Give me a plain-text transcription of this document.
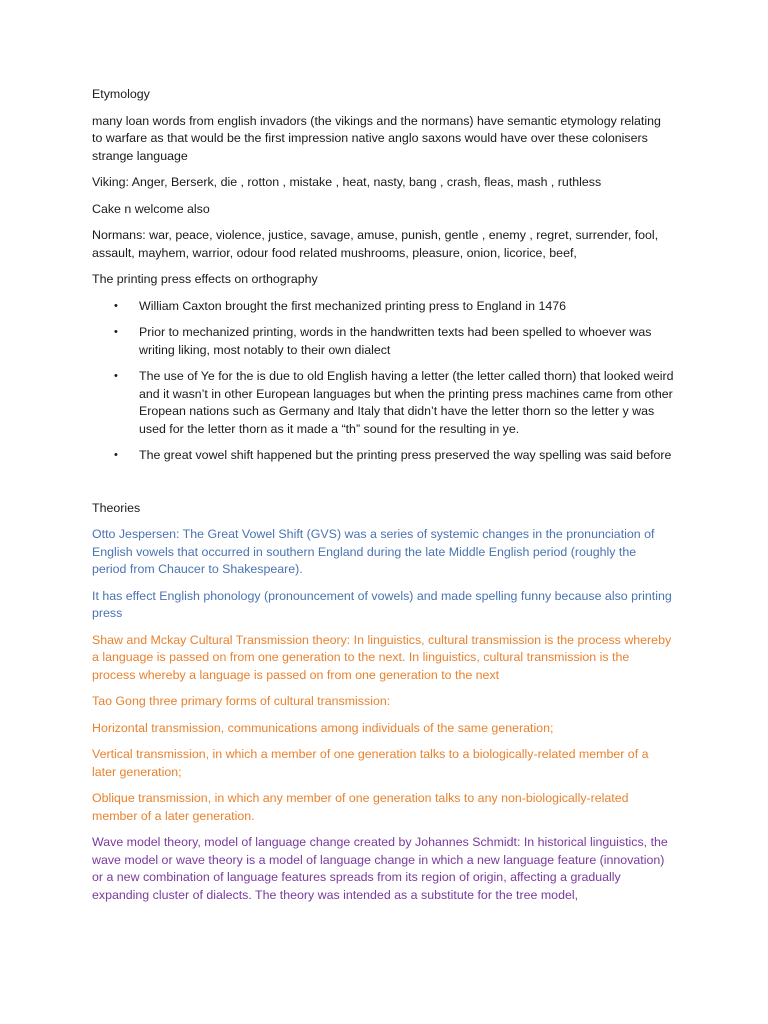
Etymology

many loan words from english invadors (the vikings and the normans) have semantic etymology relating to warfare as that would be the first impression native anglo saxons would have over these colonisers strange language

Viking: Anger, Berserk, die , rotton , mistake , heat, nasty, bang , crash, fleas, mash , ruthless

Cake n welcome also

Normans: war, peace, violence, justice, savage, amuse, punish, gentle , enemy , regret, surrender, fool, assault, mayhem, warrior, odour food related mushrooms, pleasure, onion, licorice, beef,

The printing press effects on orthography

• William Caxton brought the first mechanized printing press to England in 1476
• Prior to mechanized printing, words in the handwritten texts had been spelled to whoever was writing liking, most notably to their own dialect
• The use of Ye for the is due to old English having a letter (the letter called thorn) that looked weird and it wasn’t in other European languages but when the printing press machines came from other Eropean nations such as Germany and Italy that didn’t have the letter thorn so the letter y was used for the letter thorn as it made a “th” sound for the resulting in ye.
• The great vowel shift happened but the printing press preserved the way spelling was said before

Theories

Otto Jespersen: The Great Vowel Shift (GVS) was a series of systemic changes in the pronunciation of English vowels that occurred in southern England during the late Middle English period (roughly the period from Chaucer to Shakespeare).

It has effect English phonology (pronouncement of vowels) and made spelling funny because also printing press

Shaw and Mckay Cultural Transmission theory: In linguistics, cultural transmission is the process whereby a language is passed on from one generation to the next. In linguistics, cultural transmission is the process whereby a language is passed on from one generation to the next

Tao Gong three primary forms of cultural transmission:

Horizontal transmission, communications among individuals of the same generation;

Vertical transmission, in which a member of one generation talks to a biologically-related member of a later generation;

Oblique transmission, in which any member of one generation talks to any non-biologically-related member of a later generation.

Wave model theory, model of language change created by Johannes Schmidt: In historical linguistics, the wave model or wave theory is a model of language change in which a new language feature (innovation) or a new combination of language features spreads from its region of origin, affecting a gradually expanding cluster of dialects. The theory was intended as a substitute for the tree model,
